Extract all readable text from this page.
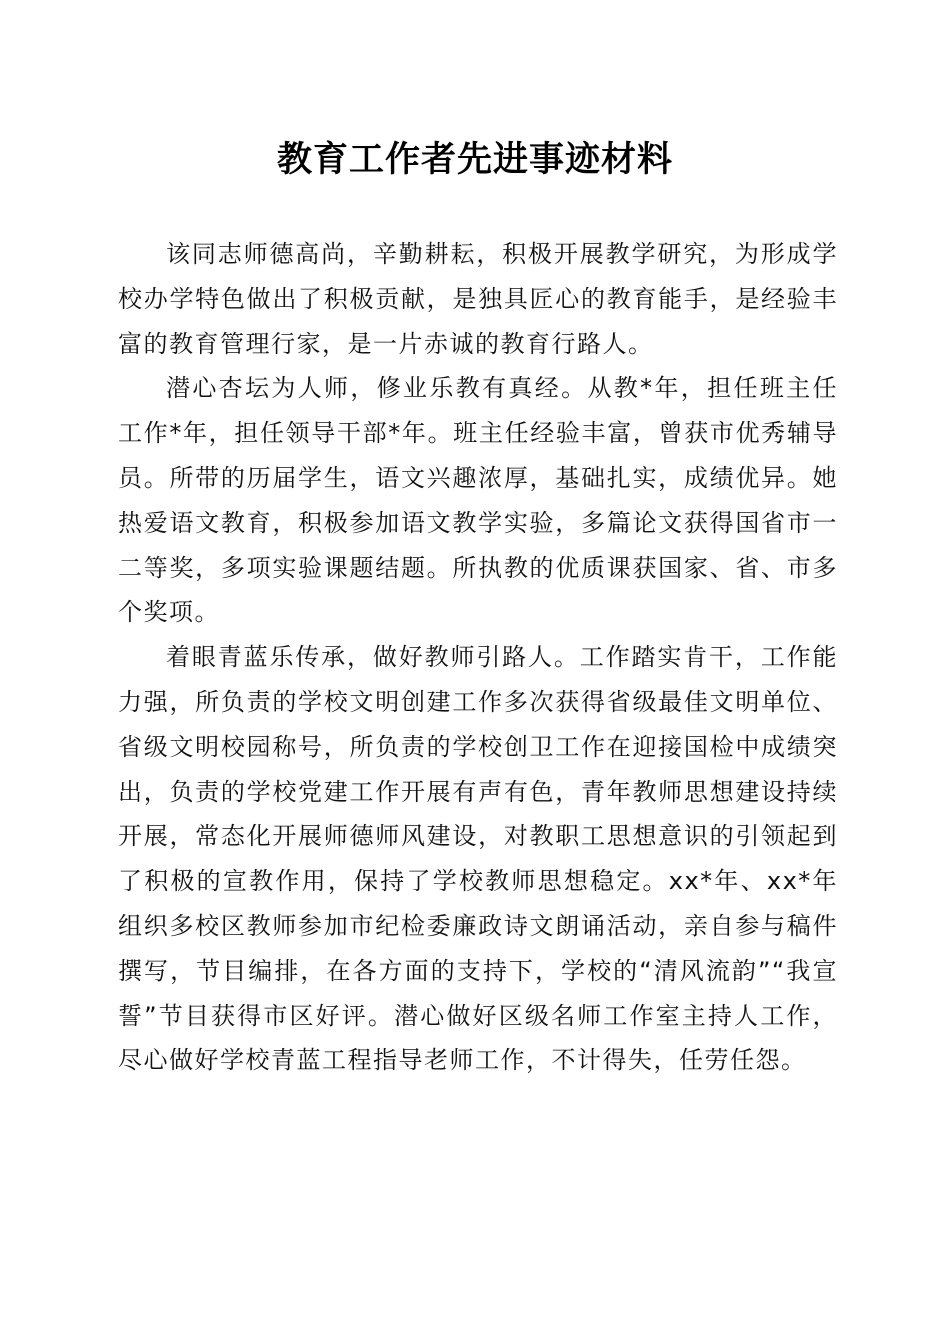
教育工作者先进事迹材料

该同志师德高尚，辛勤耕耘，积极开展教学研究，为形成学校办学特色做出了积极贡献，是独具匠心的教育能手，是经验丰富的教育管理行家，是一片赤诚的教育行路人。

潜心杏坛为人师，修业乐教有真经。从教*年，担任班主任工作*年，担任领导干部*年。班主任经验丰富，曾获市优秀辅导员。所带的历届学生，语文兴趣浓厚，基础扎实，成绩优异。她热爱语文教育，积极参加语文教学实验，多篇论文获得国省市一二等奖，多项实验课题结题。所执教的优质课获国家、省、市多个奖项。

着眼青蓝乐传承，做好教师引路人。工作踏实肯干，工作能力强，所负责的学校文明创建工作多次获得省级最佳文明单位、省级文明校园称号，所负责的学校创卫工作在迎接国检中成绩突出，负责的学校党建工作开展有声有色，青年教师思想建设持续开展，常态化开展师德师风建设，对教职工思想意识的引领起到了积极的宣教作用，保持了学校教师思想稳定。xx*年、xx*年组织多校区教师参加市纪检委廉政诗文朗诵活动，亲自参与稿件撰写，节目编排，在各方面的支持下，学校的“清风流韵”“我宣誓”节目获得市区好评。潜心做好区级名师工作室主持人工作，尽心做好学校青蓝工程指导老师工作，不计得失，任劳任怨。
